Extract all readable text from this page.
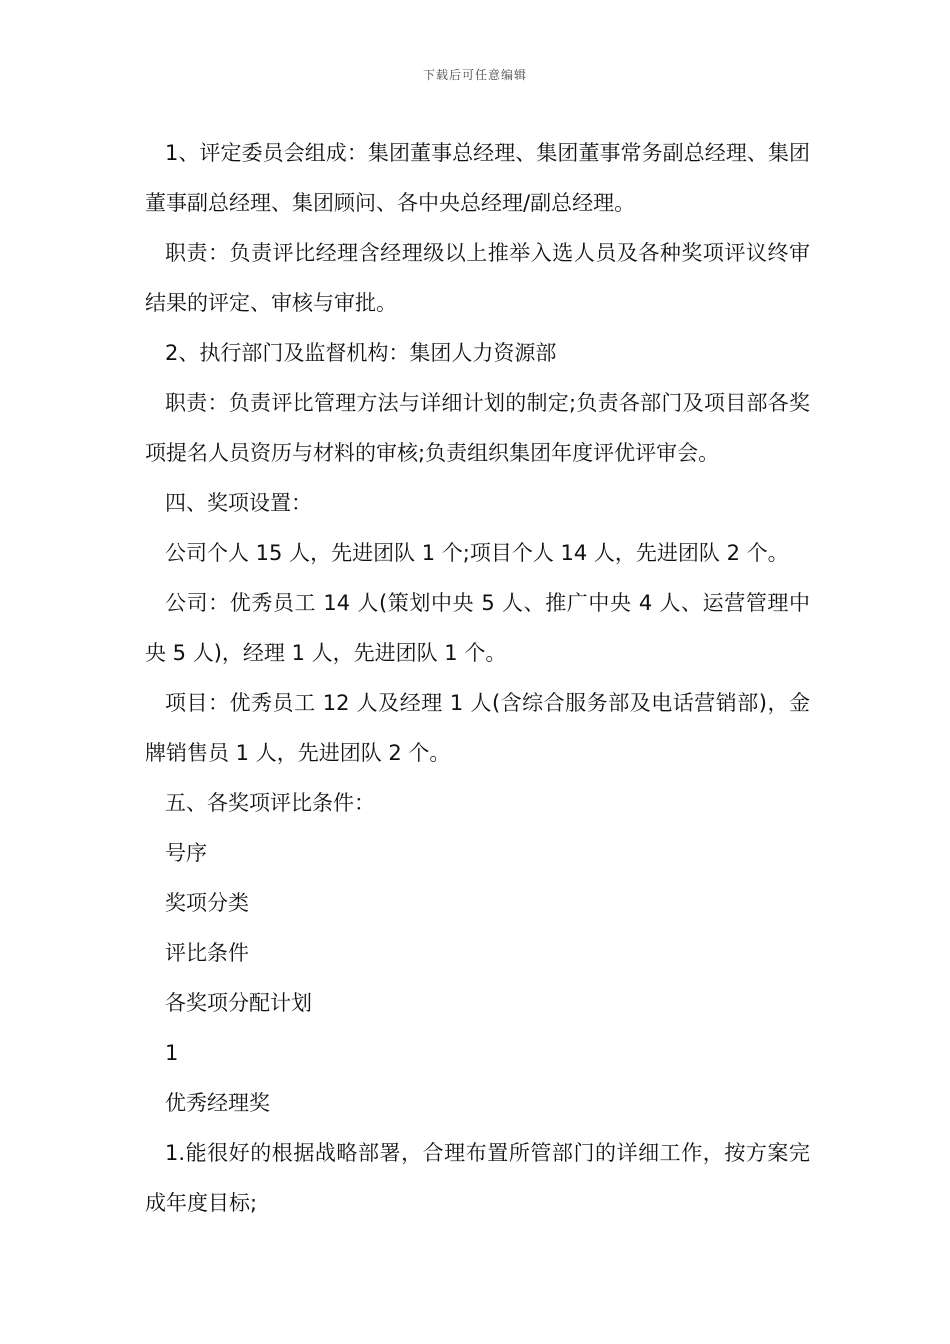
下载后可任意编辑

1、评定委员会组成：集团董事总经理、集团董事常务副总经理、集团董事副总经理、集团顾问、各中央总经理/副总经理。

职责：负责评比经理含经理级以上推举入选人员及各种奖项评议终审结果的评定、审核与审批。

2、执行部门及监督机构：集团人力资源部

职责：负责评比管理方法与详细计划的制定;负责各部门及项目部各奖项提名人员资历与材料的审核;负责组织集团年度评优评审会。

四、奖项设置：

公司个人 15 人，先进团队 1 个;项目个人 14 人，先进团队 2 个。

公司：优秀员工 14 人(策划中央 5 人、推广中央 4 人、运营管理中央 5 人)，经理 1 人，先进团队 1 个。

项目：优秀员工 12 人及经理 1 人(含综合服务部及电话营销部)，金牌销售员 1 人，先进团队 2 个。

五、各奖项评比条件：

号序

奖项分类

评比条件

各奖项分配计划

1

优秀经理奖

1.能很好的根据战略部署，合理布置所管部门的详细工作，按方案完成年度目标;
